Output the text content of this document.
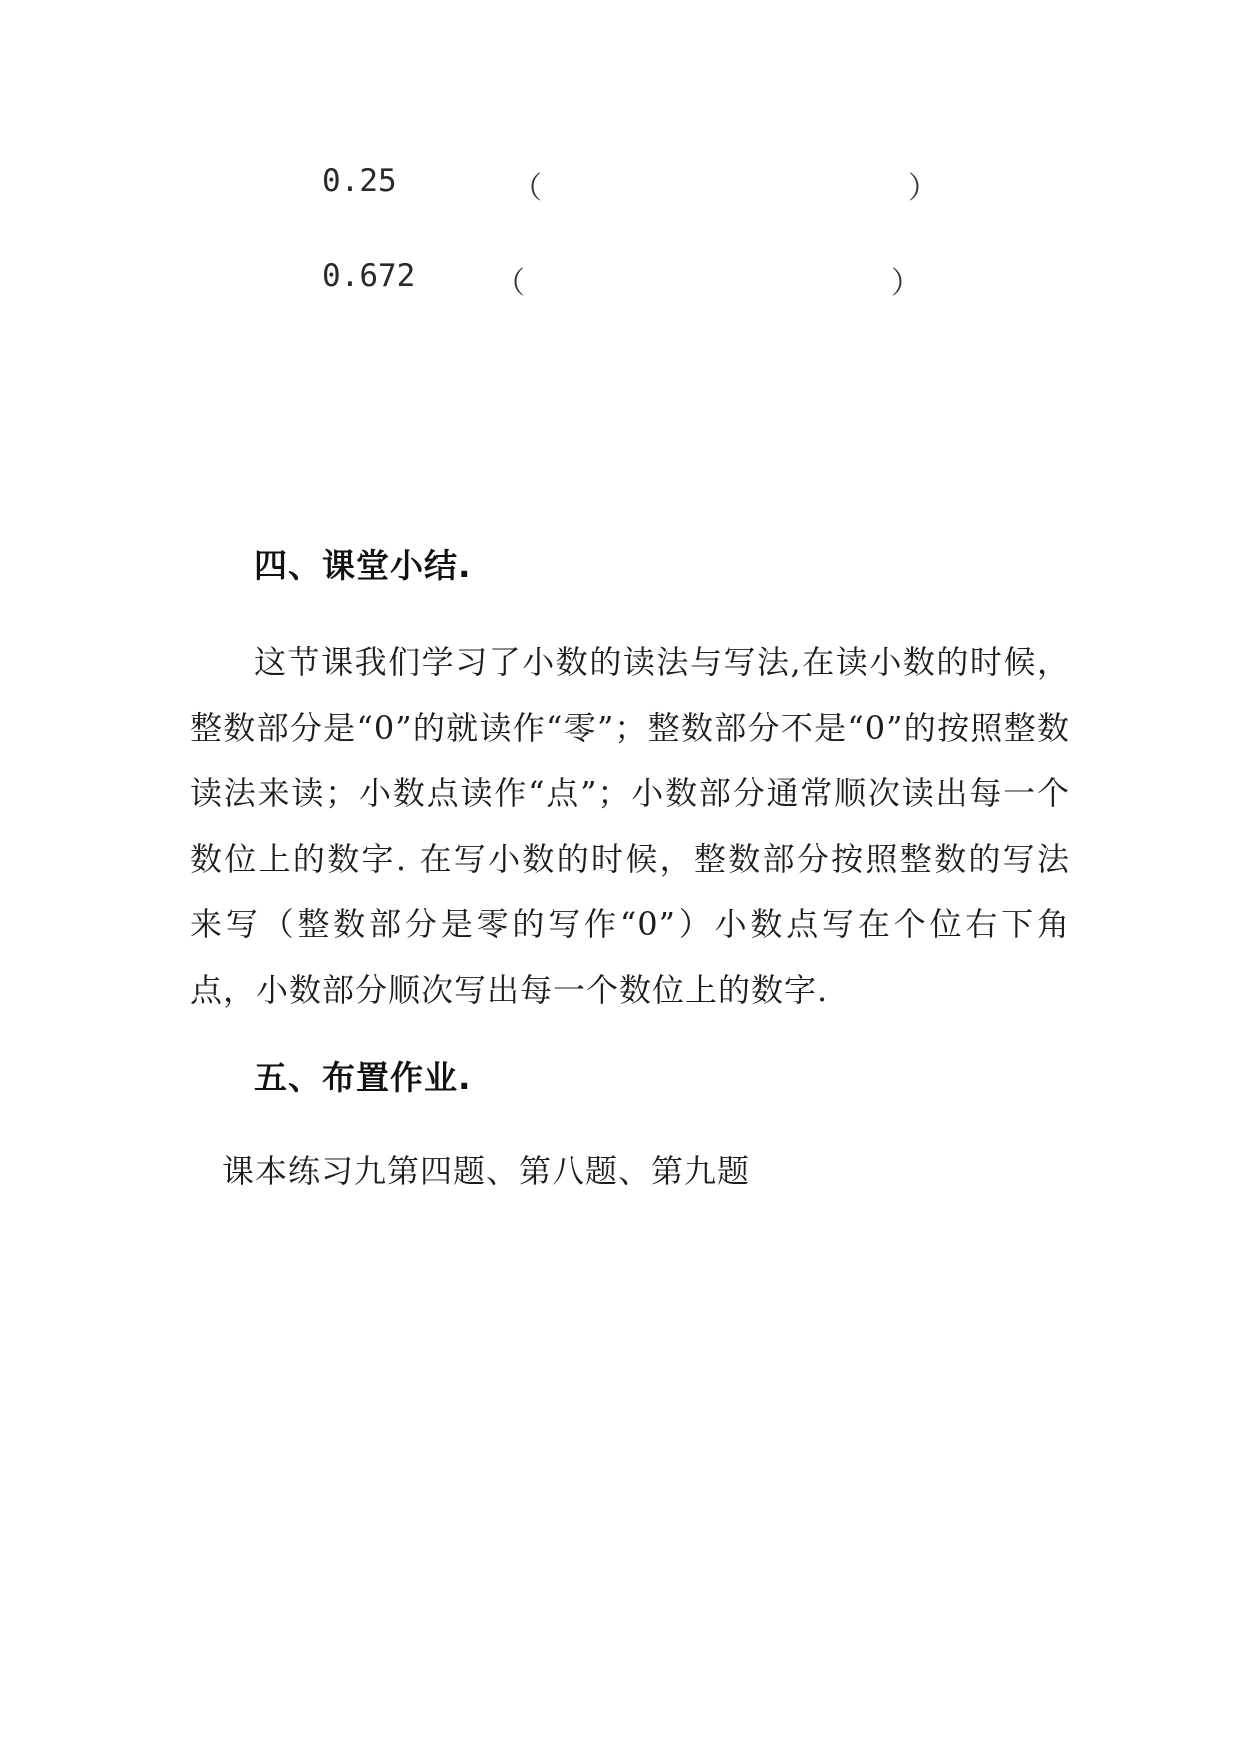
0.25	（	）
0.672	（	）
四、课堂小结.
这节课我们学习了小数的读法与写法,在读小数的时候，整数部分是“0”的就读作“零”；整数部分不是“0”的按照整数读法来读；小数点读作“点”；小数部分通常顺次读出每一个数位上的数字. 在写小数的时候，整数部分按照整数的写法来写（整数部分是零的写作“0”）小数点写在个位右下角点，小数部分顺次写出每一个数位上的数字.
五、布置作业.
课本练习九第四题、第八题、第九题
